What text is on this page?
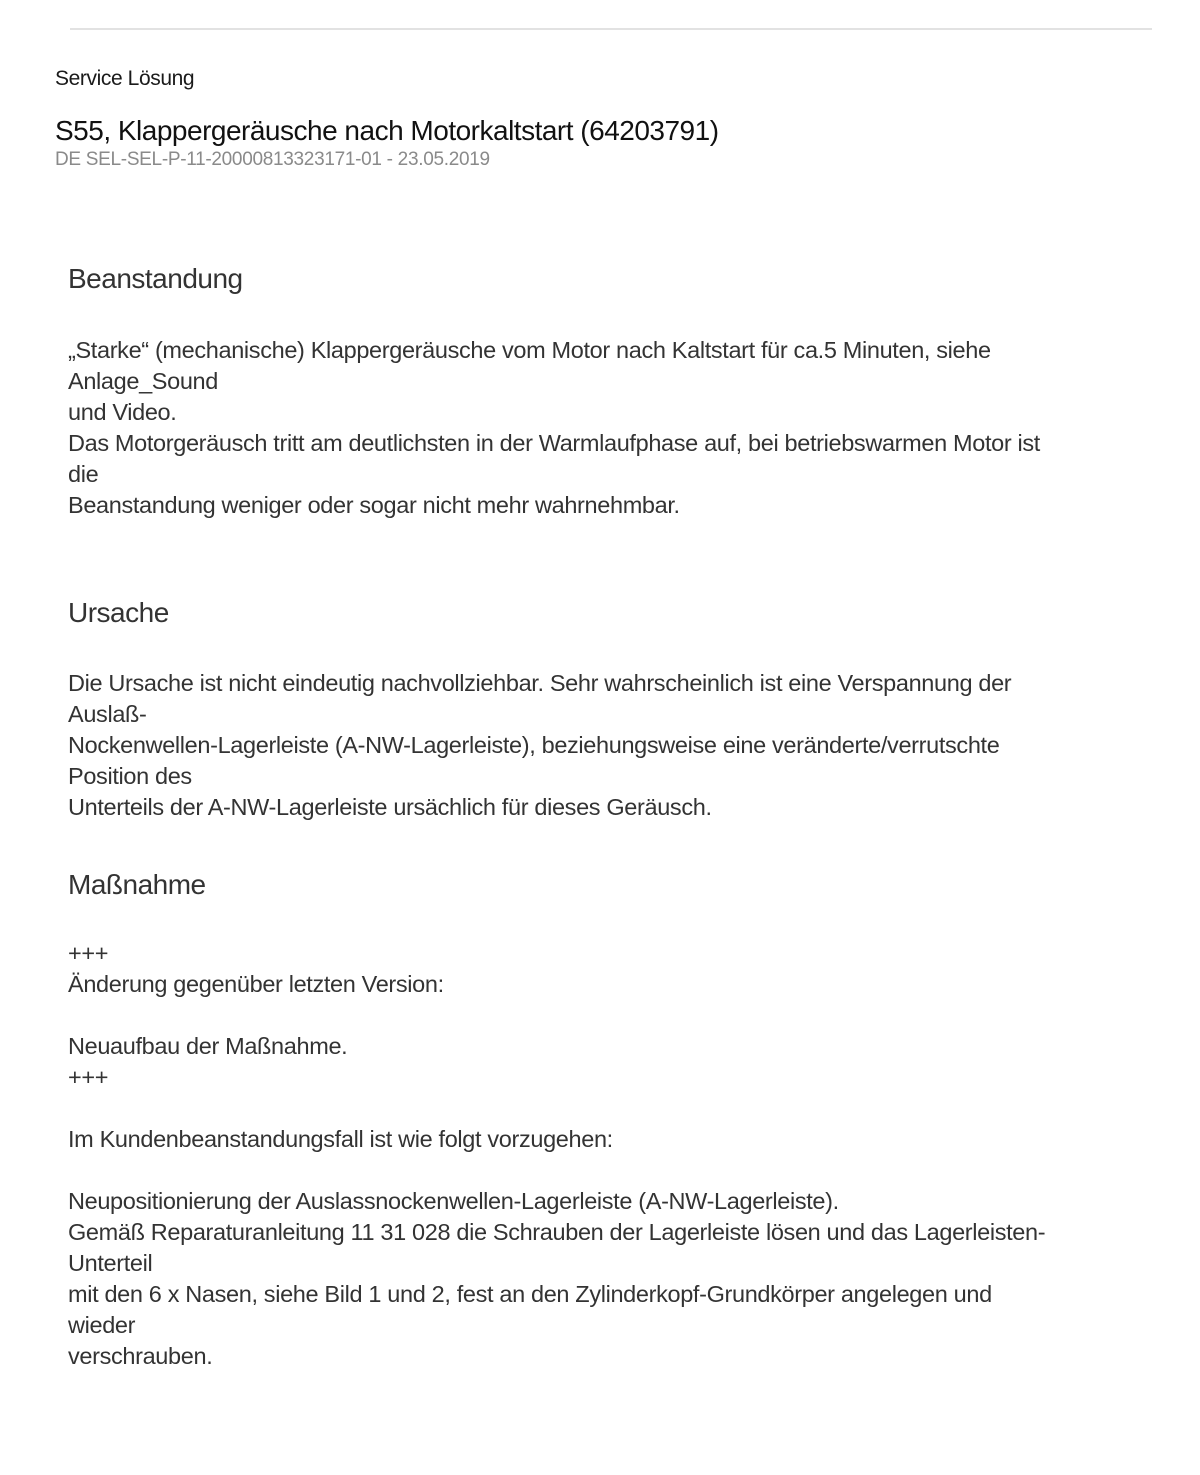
Service Lösung
S55, Klappergeräusche nach Motorkaltstart (64203791)
DE SEL-SEL-P-11-20000813323171-01 - 23.05.2019
Beanstandung
„Starke“ (mechanische) Klappergeräusche vom Motor nach Kaltstart für ca.5 Minuten, siehe
Anlage_Sound
und Video.
Das Motorgeräusch tritt am deutlichsten in der Warmlaufphase auf, bei betriebswarmen Motor ist
die
Beanstandung weniger oder sogar nicht mehr wahrnehmbar.
Ursache
Die Ursache ist nicht eindeutig nachvollziehbar. Sehr wahrscheinlich ist eine Verspannung der
Auslaß-
Nockenwellen-Lagerleiste (A-NW-Lagerleiste), beziehungsweise eine veränderte/verrutschte
Position des
Unterteils der A-NW-Lagerleiste ursächlich für dieses Geräusch.
Maßnahme
+++
Änderung gegenüber letzten Version:
Neuaufbau der Maßnahme.
+++
Im Kundenbeanstandungsfall ist wie folgt vorzugehen:
Neupositionierung der Auslassnockenwellen-Lagerleiste (A-NW-Lagerleiste).
Gemäß Reparaturanleitung 11 31 028 die Schrauben der Lagerleiste lösen und das Lagerleisten-
Unterteil
mit den 6 x Nasen, siehe Bild 1 und 2, fest an den Zylinderkopf-Grundkörper angelegen und
wieder
verschrauben.
